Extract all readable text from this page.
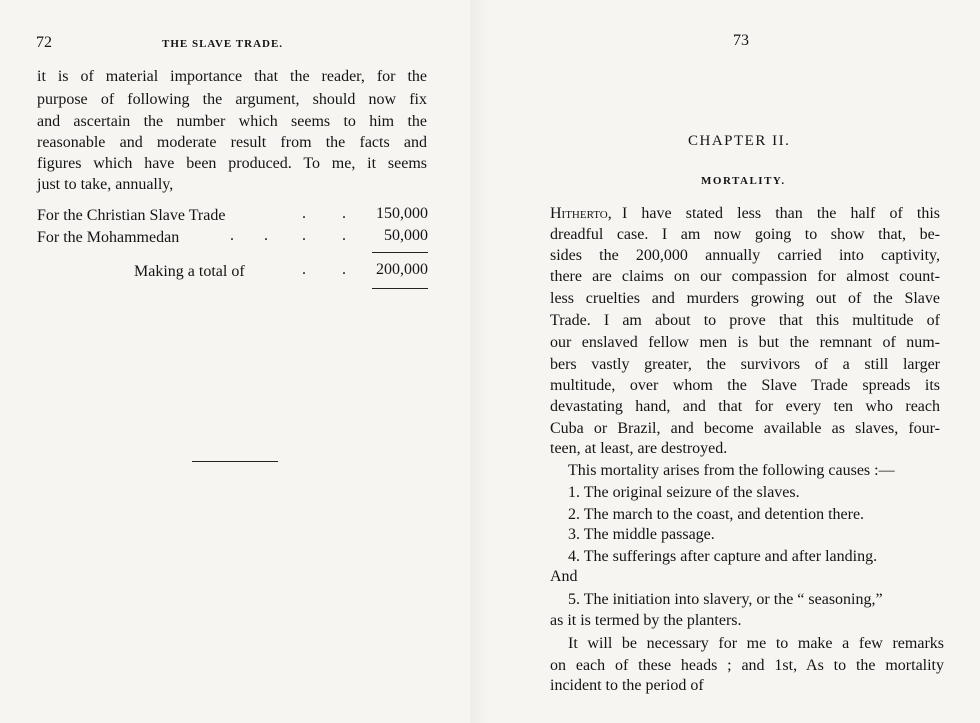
72	THE SLAVE TRADE.
it is of material importance that the reader, for the
purpose of following the argument, should now fix
and ascertain the number which seems to him the
reasonable and moderate result from the facts and
figures which have been produced. To me, it seems
just to take, annually,
For the Christian Slave Trade	. .	150,000
For the Mohammedan	. . . .	50,000
Making a total of	. .	200,000
73
CHAPTER II.
MORTALITY.
Hitherto, I have stated less than the half of this
dreadful case. I am now going to show that, be-
sides the 200,000 annually carried into captivity,
there are claims on our compassion for almost count-
less cruelties and murders growing out of the Slave
Trade. I am about to prove that this multitude of
our enslaved fellow men is but the remnant of num-
bers vastly greater, the survivors of a still larger
multitude, over whom the Slave Trade spreads its
devastating hand, and that for every ten who reach
Cuba or Brazil, and become available as slaves, four-
teen, at least, are destroyed.
This mortality arises from the following causes :—
1. The original seizure of the slaves.
2. The march to the coast, and detention there.
3. The middle passage.
4. The sufferings after capture and after landing.
And
5. The initiation into slavery, or the “ seasoning,”
as it is termed by the planters.
It will be necessary for me to make a few remarks
on each of these heads ; and 1st, As to the mortality
incident to the period of
